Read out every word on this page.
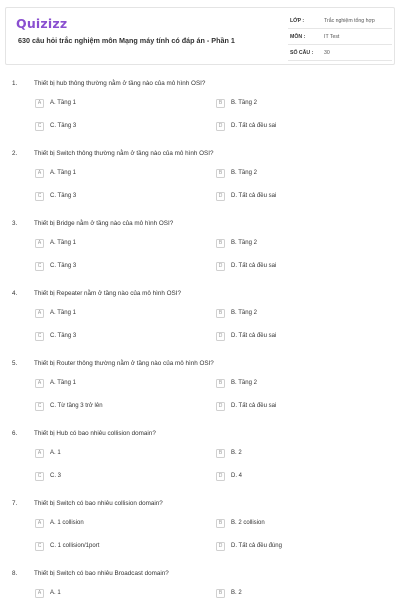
Quizizz
630 câu hỏi trắc nghiệm môn Mạng máy tính có đáp án - Phần 1
LỚP :	Trắc nghiệm tổng hợp
MÔN :	IT Test
SỐ CÂU : 30
1.	Thiết bị hub thông thường nằm ở tầng nào của mô hình OSI?
A	A. Tầng 1	B	B. Tầng 2
C	C. Tầng 3	D	D. Tất cả đều sai
2.	Thiết bị Switch thông thường nằm ở tầng nào của mô hình OSI?
A	A. Tầng 1	B	B. Tầng 2
C	C. Tầng 3	D	D. Tất cả đều sai
3.	Thiết bị Bridge nằm ở tầng nào của mô hình OSI?
A	A. Tầng 1	B	B. Tầng 2
C	C. Tầng 3	D	D. Tất cả đều sai
4.	Thiết bị Repeater nằm ở tầng nào của mô hình OSI?
A	A. Tầng 1	B	B. Tầng 2
C	C. Tầng 3	D	D. Tất cả đều sai
5.	Thiết bị Router thông thường nằm ở tầng nào của mô hình OSI?
A	A. Tầng 1	B	B. Tầng 2
C	C. Từ tầng 3 trở lên	D	D. Tất cả đều sai
6.	Thiết bị Hub có bao nhiêu collision domain?
A	A. 1	B	B. 2
C	C. 3	D	D. 4
7.	Thiết bị Switch có bao nhiêu collision domain?
A	A. 1 collision	B	B. 2 collision
C	C. 1 collision/1port	D	D. Tất cả đều đúng
8.	Thiết bị Switch có bao nhiêu Broadcast domain?
A	A. 1	B	B. 2
